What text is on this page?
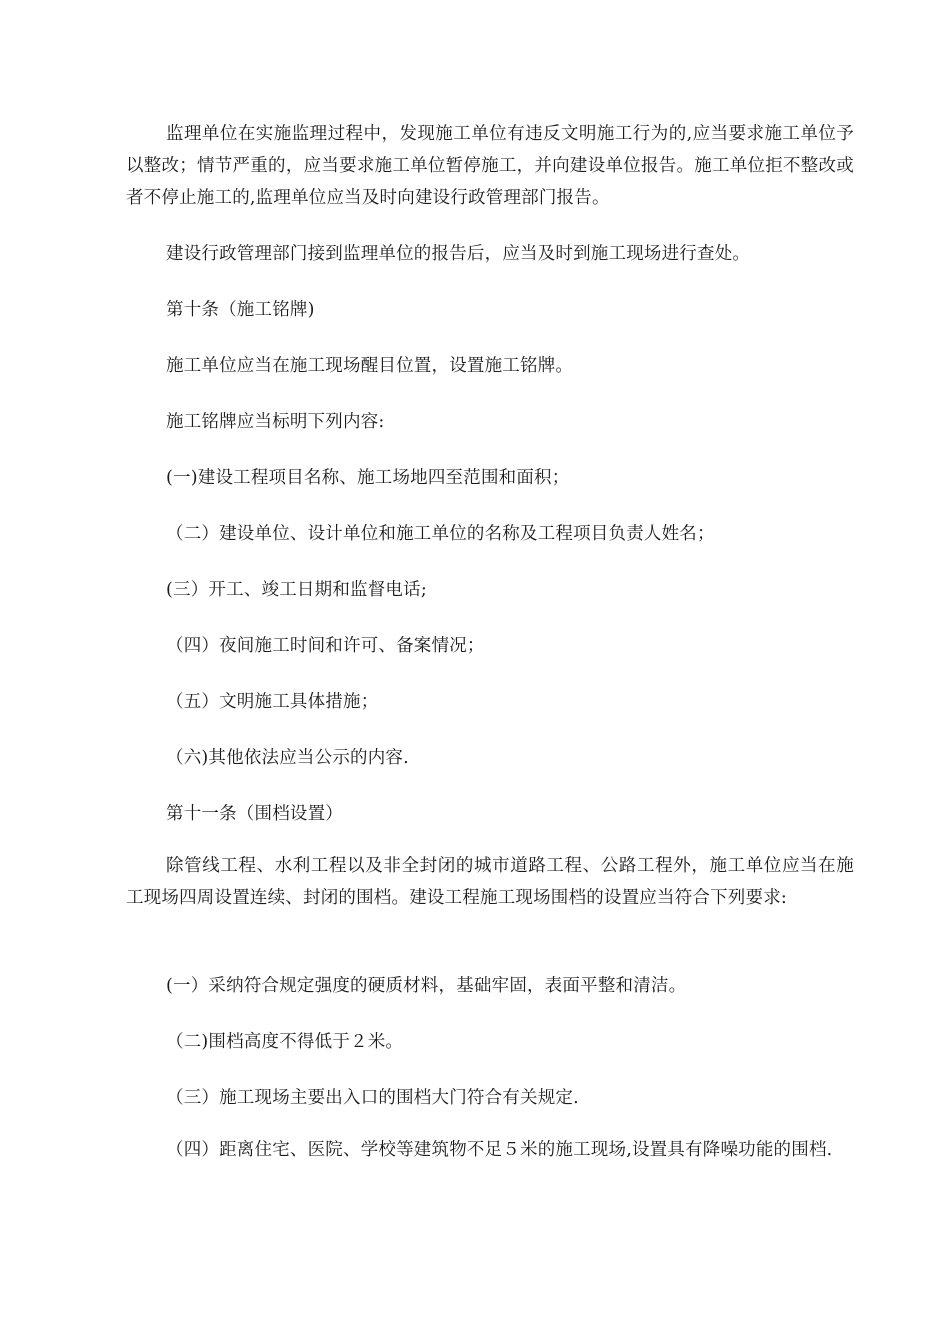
监理单位在实施监理过程中，发现施工单位有违反文明施工行为的,应当要求施工单位予以整改；情节严重的，应当要求施工单位暂停施工，并向建设单位报告。施工单位拒不整改或者不停止施工的,监理单位应当及时向建设行政管理部门报告。

建设行政管理部门接到监理单位的报告后，应当及时到施工现场进行查处。

第十条（施工铭牌)

施工单位应当在施工现场醒目位置，设置施工铭牌。

施工铭牌应当标明下列内容:

(一)建设工程项目名称、施工场地四至范围和面积；

（二）建设单位、设计单位和施工单位的名称及工程项目负责人姓名；

(三）开工、竣工日期和监督电话;

（四）夜间施工时间和许可、备案情况；

（五）文明施工具体措施；

（六)其他依法应当公示的内容.

第十一条（围档设置）

除管线工程、水利工程以及非全封闭的城市道路工程、公路工程外，施工单位应当在施工现场四周设置连续、封闭的围档。建设工程施工现场围档的设置应当符合下列要求:

(一）采纳符合规定强度的硬质材料，基础牢固，表面平整和清洁。

（二)围档高度不得低于２米。

（三）施工现场主要出入口的围档大门符合有关规定.

（四）距离住宅、医院、学校等建筑物不足５米的施工现场,设置具有降噪功能的围档.
